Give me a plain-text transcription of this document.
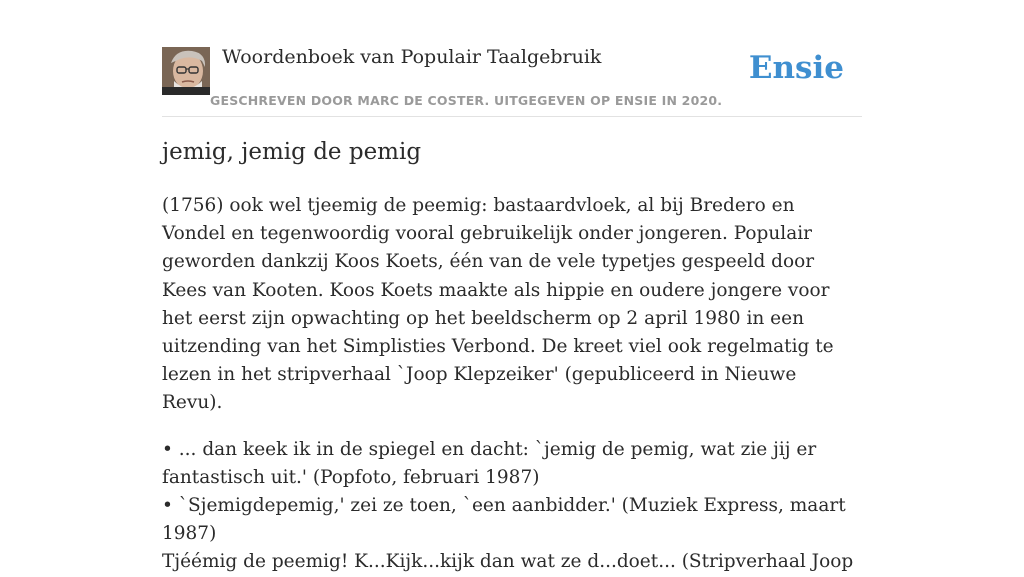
Woordenboek van Populair Taalgebruik
GESCHREVEN DOOR MARC DE COSTER. UITGEGEVEN OP ENSIE IN 2020.
Ensie
jemig, jemig de pemig

(1756) ook wel tjeemig de peemig: bastaardvloek, al bij Bredero en Vondel en tegenwoordig vooral gebruikelijk onder jongeren. Populair geworden dankzij Koos Koets, één van de vele typetjes gespeeld door Kees van Kooten. Koos Koets maakte als hippie en oudere jongere voor het eerst zijn opwachting op het beeldscherm op 2 april 1980 in een uitzending van het Simplisties Verbond. De kreet viel ook regelmatig te lezen in het stripverhaal `Joop Klepzeiker' (gepubliceerd in Nieuwe Revu).

• ... dan keek ik in de spiegel en dacht: `jemig de pemig, wat zie jij er fantastisch uit.' (Popfoto, februari 1987)
• `Sjemigdepemig,' zei ze toen, `een aanbidder.' (Muziek Express, maart 1987)
Tjéémig de peemig! K...Kijk...kijk dan wat ze d...doet... (Stripverhaal Joop
